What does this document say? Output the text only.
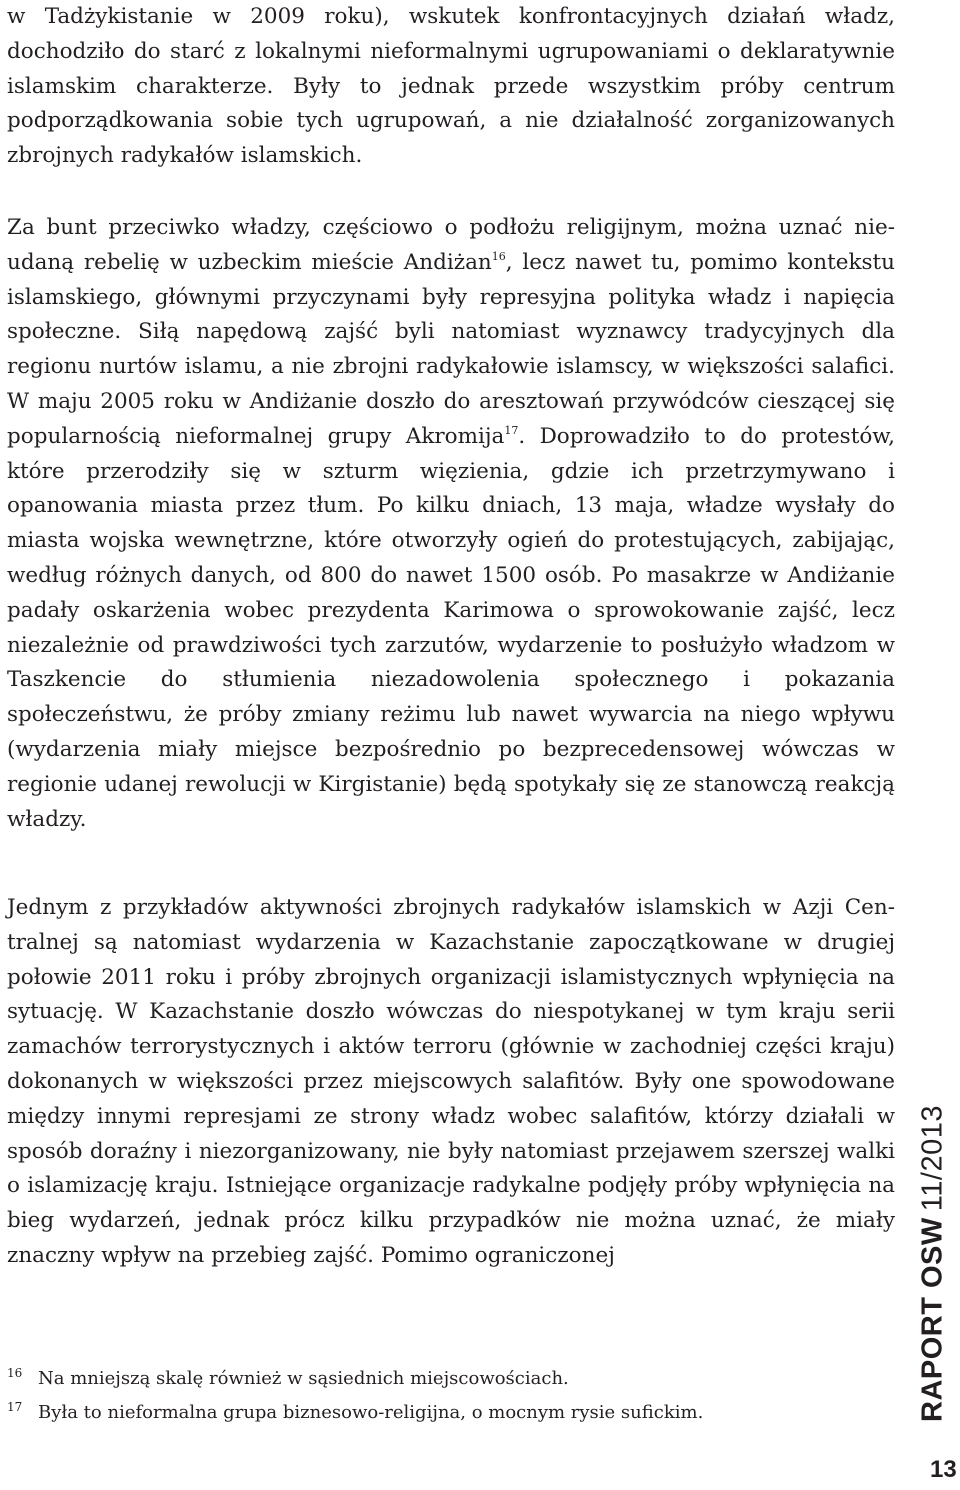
w Tadżykistanie w 2009 roku), wskutek konfrontacyjnych działań władz, dochodziło do starć z lokalnymi nieformalnymi ugrupowaniami o deklaratywnie islamskim charakterze. Były to jednak przede wszystkim próby centrum podporządkowania sobie tych ugrupowań, a nie działalność zorganizowanych zbrojnych radykałów islamskich.

Za bunt przeciwko władzy, częściowo o podłożu religijnym, można uznać nieudaną rebelię w uzbeckim mieście Andiżan$^{16}$, lecz nawet tu, pomimo kontekstu islamskiego, głównymi przyczynami były represyjna polityka władz i napięcia społeczne. Siłą napędową zajść byli natomiast wyznawcy tradycyjnych dla regionu nurtów islamu, a nie zbrojni radykałowie islamscy, w większości salafici. W maju 2005 roku w Andiżanie doszło do aresztowań przywódców cieszącej się popularnością nieformalnej grupy Akromija$^{17}$. Doprowadziło to do protestów, które przerodziły się w szturm więzienia, gdzie ich przetrzymywano i opanowania miasta przez tłum. Po kilku dniach, 13 maja, władze wysłały do miasta wojska wewnętrzne, które otworzyły ogień do protestujących, zabijając, według różnych danych, od 800 do nawet 1500 osób. Po masakrze w Andiżanie padały oskarżenia wobec prezydenta Karimowa o sprowokowanie zajść, lecz niezależnie od prawdziwości tych zarzutów, wydarzenie to posłużyło władzom w Taszkencie do stłumienia niezadowolenia społecznego i pokazania społeczeństwu, że próby zmiany reżimu lub nawet wywarcia na niego wpływu (wydarzenia miały miejsce bezpośrednio po bezprecedensowej wówczas w regionie udanej rewolucji w Kirgistanie) będą spotykały się ze stanowczą reakcją władzy.

Jednym z przykładów aktywności zbrojnych radykałów islamskich w Azji Centralnej są natomiast wydarzenia w Kazachstanie zapoczątkowane w drugiej połowie 2011 roku i próby zbrojnych organizacji islamistycznych wpłynięcia na sytuację. W Kazachstanie doszło wówczas do niespotykanej w tym kraju serii zamachów terrorystycznych i aktów terroru (głównie w zachodniej części kraju) dokonanych w większości przez miejscowych salafitów. Były one spowodowane między innymi represjami ze strony władz wobec salafitów, którzy działali w sposób doraźny i niezorganizowany, nie były natomiast przejawem szerszej walki o islamizację kraju. Istniejące organizacje radykalne podjęły próby wpłynięcia na bieg wydarzeń, jednak prócz kilku przypadków nie można uznać, że miały znaczny wpływ na przebieg zajść. Pomimo ograniczonej

16 Na mniejszą skalę również w sąsiednich miejscowościach.
17 Była to nieformalna grupa biznesowo-religijna, o mocnym rysie sufickim.	RAPORT OSW11/2013
13
